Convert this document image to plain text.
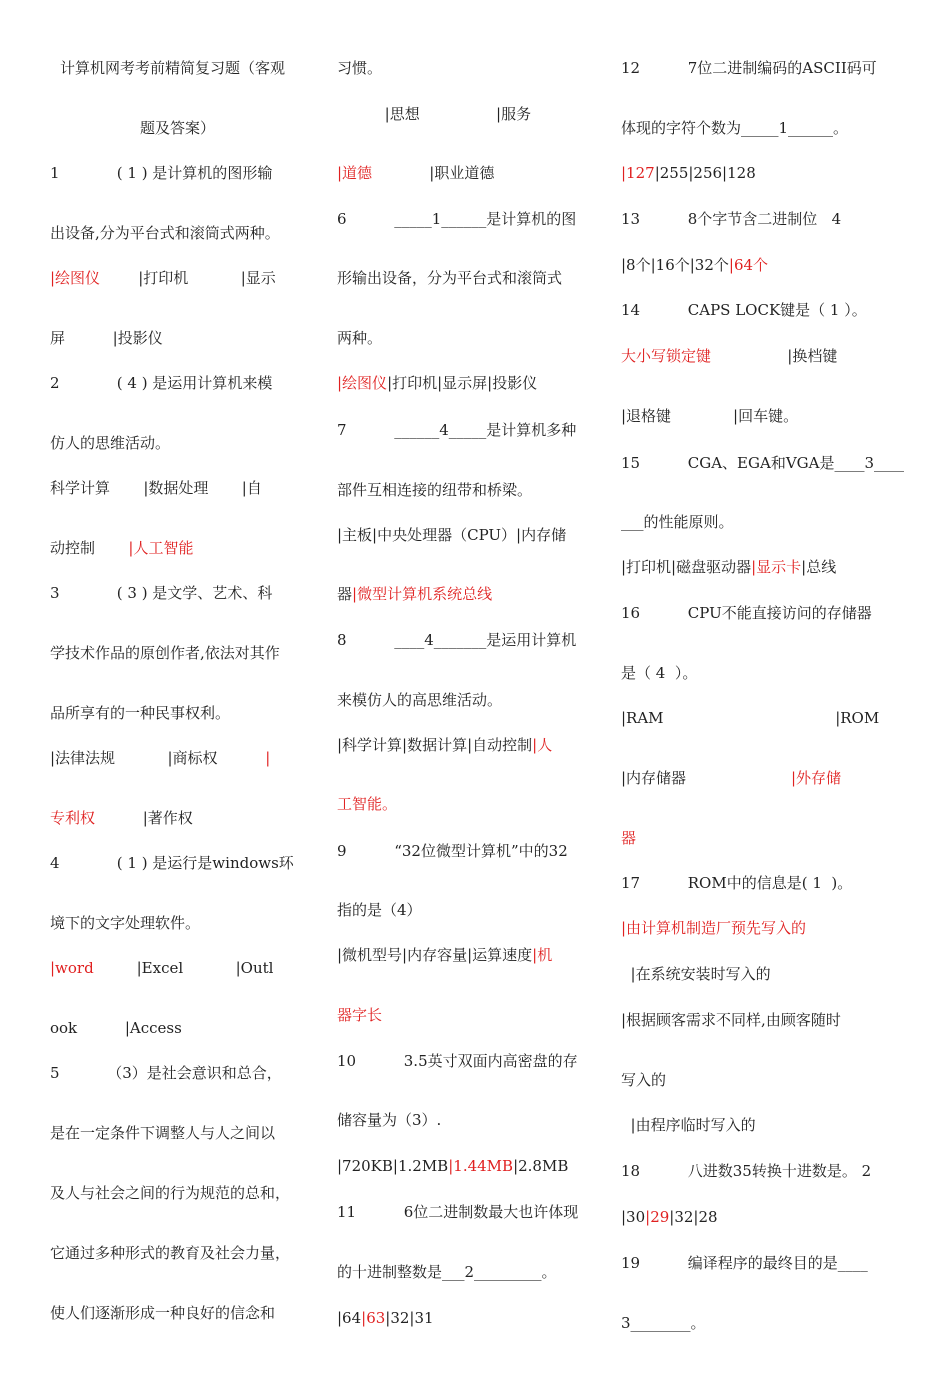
计算机网考考前精简复习题（客观
题及答案）
1            ( 1 ) 是计算机的图形输
出设备,分为平台式和滚筒式两种。
|绘图仪        |打印机           |显示
屏          |投影仪
2            ( 4 ) 是运用计算机来模
仿人的思维活动。
科学计算       |数据处理       |自
动控制       |人工智能
3            ( 3 ) 是文学、艺术、科
学技术作品的原创作者,依法对其作
品所享有的一种民事权利。
|法律法规           |商标权          |
专利权          |著作权
4            ( 1 ) 是运行是windows环
境下的文字处理软件。
|word         |Excel           |Outl
ook          |Access
5          （3）是社会意识和总合，
是在一定条件下调整人与人之间以
及人与社会之间的行为规范的总和，
它通过多种形式的教育及社会力量，
使人们逐渐形成一种良好的信念和
习惯。
|思想                |服务
|道德            |职业道德
6          _____1______是计算机的图
形输出设备，分为平台式和滚筒式
两种。
|绘图仪|打印机|显示屏|投影仪
7          ______4_____是计算机多种
部件互相连接的纽带和桥梁。
|主板|中央处理器（CPU）|内存储
器|微型计算机系统总线
8          ____4_______是运用计算机
来模仿人的高思维活动。
|科学计算|数据计算|自动控制|人
工智能。
9          “32位微型计算机”中的32
指的是（4）
|微机型号|内存容量|运算速度|机
器字长
10          3.5英寸双面内高密盘的存
储容量为（3）.
|720KB|1.2MB|1.44MB|2.8MB
11          6位二进制数最大也许体现
的十进制整数是___2_________。
|64|63|32|31
12          7位二进制编码的ASCII码可
体现的字符个数为_____1______。
|127|255|256|128
13          8个字节含二进制位   4
|8个|16个|32个|64个
14          CAPS LOCK键是（ 1 ）。
大小写锁定键                |换档键
|退格键             |回车键。
15          CGA、EGA和VGA是____3____
___的性能原则。
|打印机|磁盘驱动器|显示卡|总线
16          CPU不能直接访问的存储器
是（ 4  ）。
|RAM                                    |ROM
|内存储器                      |外存储
器
17          ROM中的信息是( 1  )。
|由计算机制造厂预先写入的
|在系统安装时写入的
|根据顾客需求不同样,由顾客随时
写入的
|由程序临时写入的
18          八进数35转换十进数是。 2
|30|29|32|28
19          编译程序的最终目的是____
3________。
